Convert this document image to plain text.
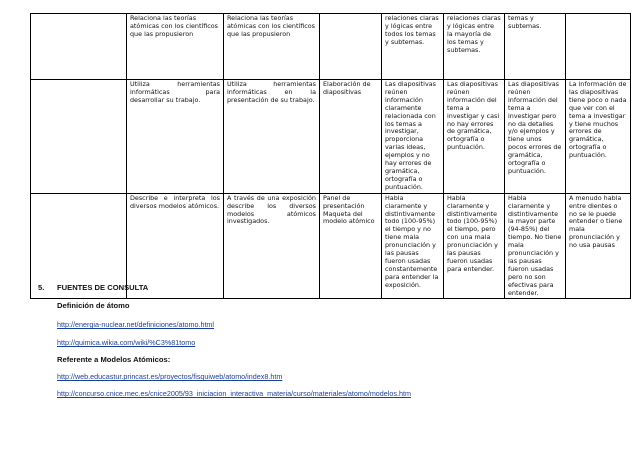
	Relaciona las teorías atómicas con los científicos que las propusieron	Relaciona las teorías atómicas con los científicos que las propusieron		relaciones claras y lógicas entre todos los temas y subtemas.	relaciones claras y lógicas entre la mayoría de los temas y subtemas.	temas y subtemas.	
	Utiliza herramientas informáticas para desarrollar su trabajo.	Utiliza herramientas informáticas en la presentación de su trabajo.	Elaboración de diapositivas	Las diapositivas reúnen información claramente relacionada con los temas a investigar, proporciona varias ideas, ejemplos y no hay errores de gramática, ortografía o puntuación.	Las diapositivas reúnen información del tema a investigar y casi no hay errores de gramática, ortografía o puntuación.	Las diapositivas reúnen información del tema a investigar pero no da detalles y/o ejemplos y tiene unos pocos errores de gramática, ortografía o puntuación.	La información de las diapositivas tiene poco o nada que ver con el tema a investigar y tiene muchos errores de gramática, ortografía o puntuación.
	Describe e interpreta los diversos modelos atómicos.	A través de una exposición describe los diversos modelos atómicos investigados.	Panel de presentación Maqueta del modelo atómico	Habla claramente y distintivamente todo (100-95%) el tiempo y no tiene mala pronunciación y las pausas fueron usadas constantemente para entender la exposición.	Habla claramente y distintivamente todo (100-95%) el tiempo, pero con una mala pronunciación y las pausas fueron usadas para entender.	Habla claramente y distintivamente la mayor parte (94-85%) del tiempo. No tiene mala pronunciación y las pausas fueron usadas pero no son efectivas para entender.	A menudo habla entre dientes o no se le puede entender o tiene mala pronunciación y no usa pausas
5. FUENTES DE CONSULTA
Definición de átomo
http://energia-nuclear.net/definiciones/atomo.html
http://quimica.wikia.com/wiki/%C3%81tomo
Referente a Modelos Atómicos:
http://web.educastur.princast.es/proyectos/fisquiweb/atomo/index8.htm
http://concurso.cnice.mec.es/cnice2005/93_iniciacion_interactiva_materia/curso/materiales/atomo/modelos.htm
